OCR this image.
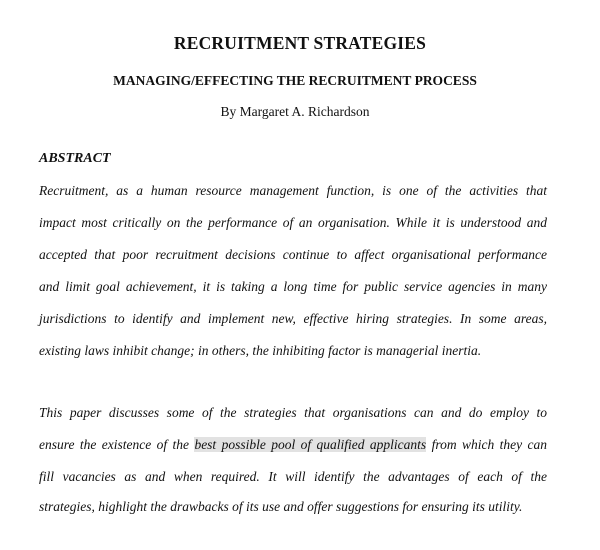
RECRUITMENT STRATEGIES
MANAGING/EFFECTING THE RECRUITMENT PROCESS
By Margaret A. Richardson
ABSTRACT
Recruitment, as a human resource management function, is one of the activities that
impact most critically on the performance of an organisation. While it is understood and
accepted that poor recruitment decisions continue to affect organisational performance
and limit goal achievement, it is taking a long time for public service agencies in many
jurisdictions to identify and implement new, effective hiring strategies. In some areas,
existing laws inhibit change; in others, the inhibiting factor is managerial inertia.
This paper discusses some of the strategies that organisations can and do employ to
ensure the existence of the best possible pool of qualified applicants from which they can
fill vacancies as and when required. It will identify the advantages of each of the
strategies, highlight the drawbacks of its use and offer suggestions for ensuring its utility.
